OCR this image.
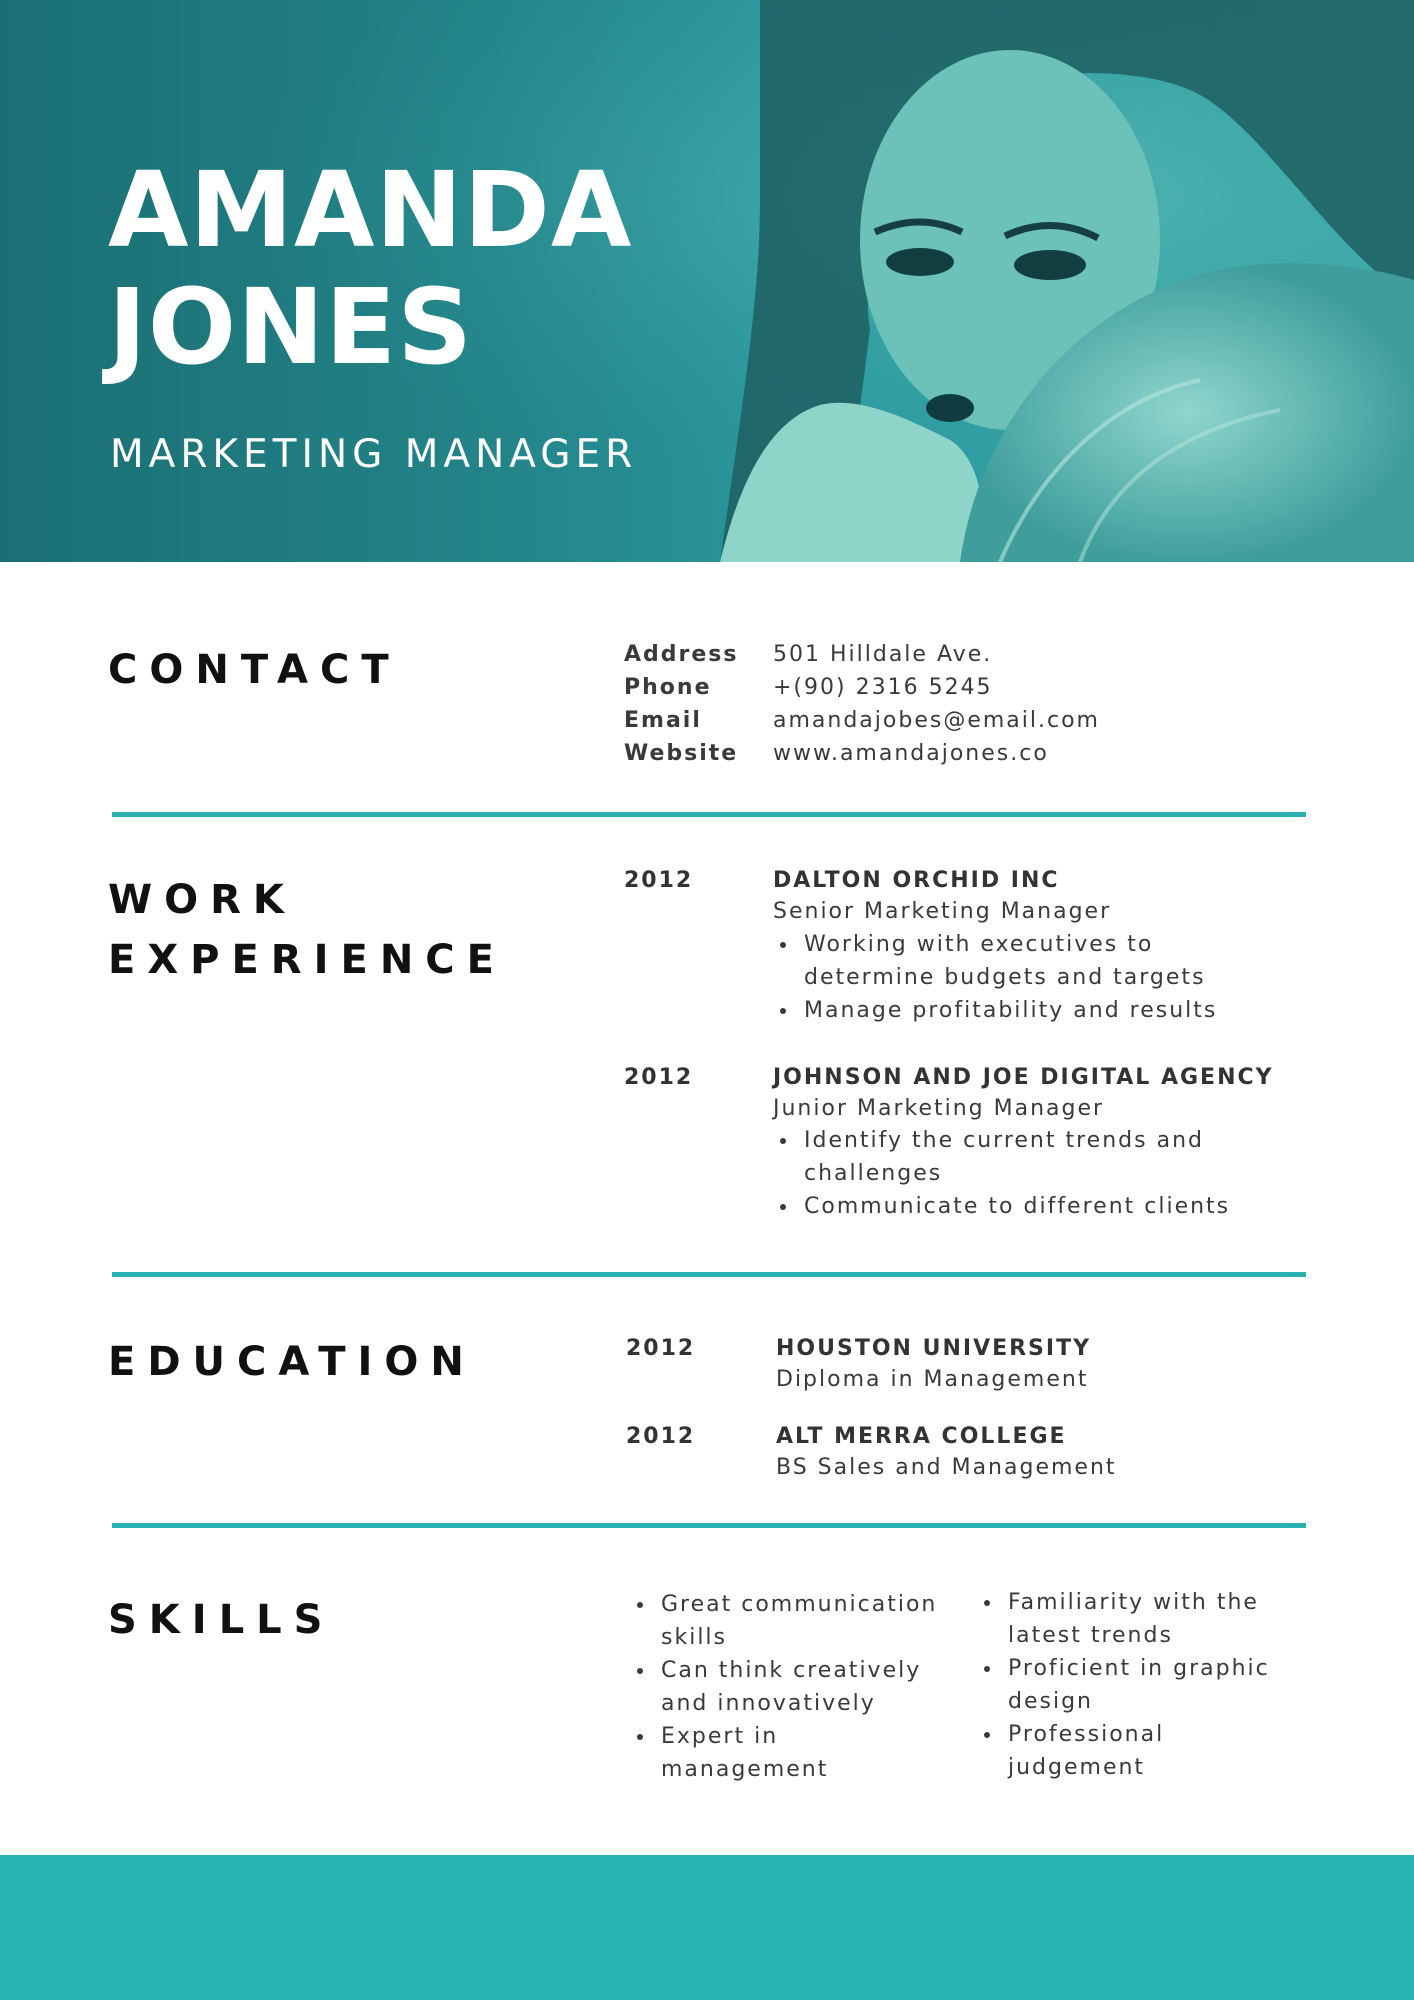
AMANDA
JONES
MARKETING MANAGER
CONTACT	Address 501 Hilldale Ave.
Phone	+(90) 2316 5245
Email	amandajobes@email.com
Website www.amandajones.co
WORK
EXPERIENCE
2012	DALTON ORCHID INC
Senior Marketing Manager
Working with executives to determine budgets and targets
Manage profitability and results
2012	JOHNSON AND JOE DIGITAL AGENCY
Junior Marketing Manager
Identify the current trends and challenges
Communicate to different clients
EDUCATION	2012	HOUSTON UNIVERSITY
Diploma in Management
2012	ALT MERRA COLLEGE
BS Sales and Management
SKILLS	Great communication skills
Can think creatively and innovatively
Expert in management
Familiarity with the latest trends
Proficient in graphic design
Professional judgement
